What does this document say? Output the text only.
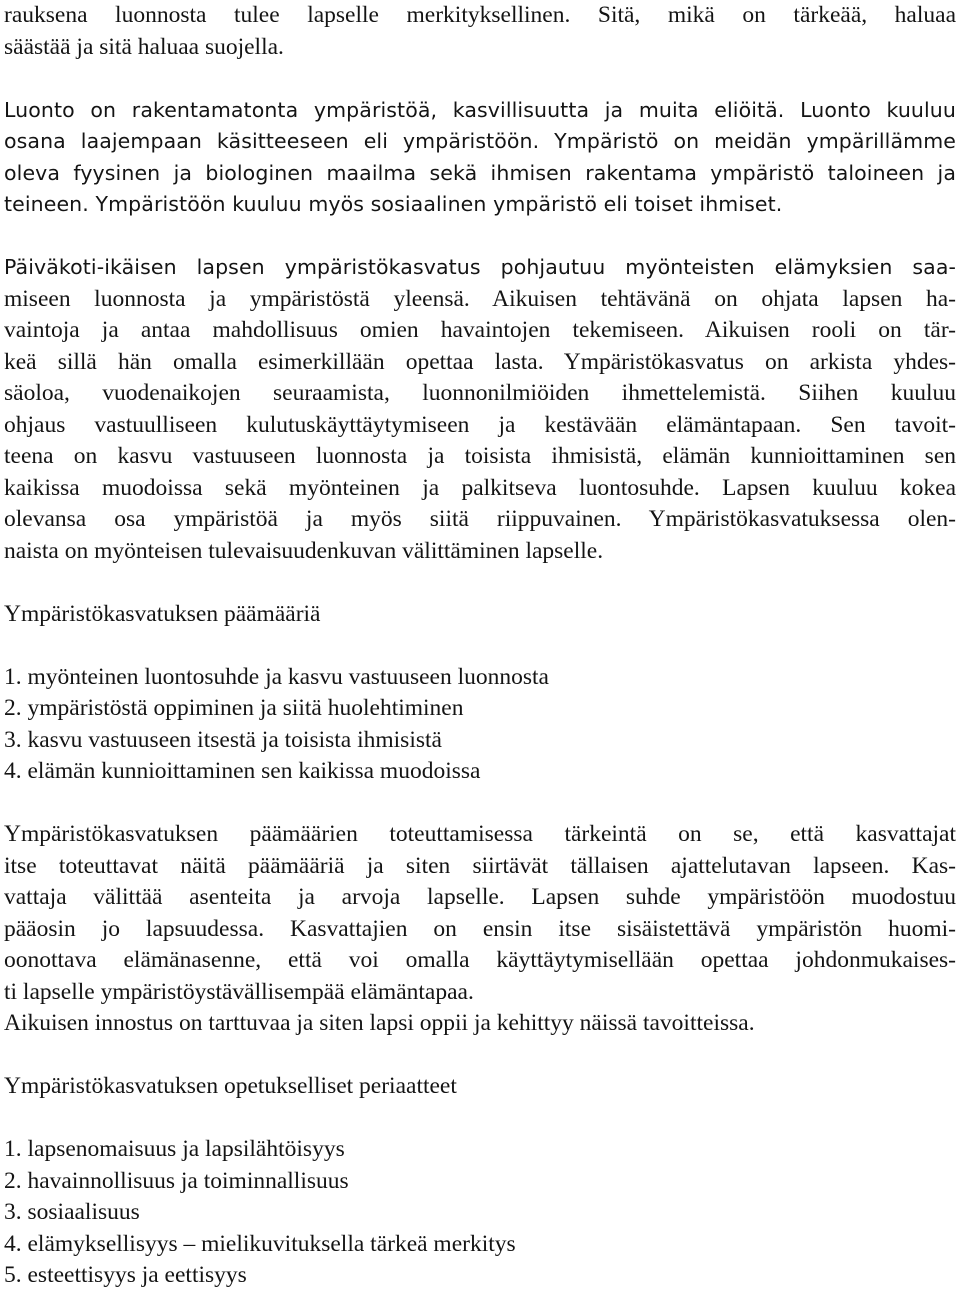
rauksena luonnosta tulee lapselle merkityksellinen. Sitä, mikä on tärkeää, haluaa
säästää ja sitä haluaa suojella.
Luonto on rakentamatonta ympäristöä, kasvillisuutta ja muita eliöitä. Luonto kuuluu
osana laajempaan käsitteeseen eli ympäristöön. Ympäristö on meidän ympärillämme
oleva fyysinen ja biologinen maailma sekä ihmisen rakentama ympäristö taloineen ja
teineen. Ympäristöön kuuluu myös sosiaalinen ympäristö eli toiset ihmiset.
Päiväkoti-ikäisen lapsen ympäristökasvatus pohjautuu myönteisten elämyksien saa-
miseen luonnosta ja ympäristöstä yleensä. Aikuisen tehtävänä on ohjata lapsen ha-
vaintoja ja antaa mahdollisuus omien havaintojen tekemiseen. Aikuisen rooli on tär-
keä sillä hän omalla esimerkillään opettaa lasta. Ympäristökasvatus on arkista yhdes-
säoloa, vuodenaikojen seuraamista, luonnonilmiöiden ihmettelemistä. Siihen kuuluu
ohjaus vastuulliseen kulutuskäyttäytymiseen ja kestävään elämäntapaan. Sen tavoit-
teena on kasvu vastuuseen luonnosta ja toisista ihmisistä, elämän kunnioittaminen sen
kaikissa muodoissa sekä myönteinen ja palkitseva luontosuhde. Lapsen kuuluu kokea
olevansa osa ympäristöä ja myös siitä riippuvainen. Ympäristökasvatuksessa olen-
naista on myönteisen tulevaisuudenkuvan välittäminen lapselle.

Ympäristökasvatuksen päämääriä

1. myönteinen luontosuhde ja kasvu vastuuseen luonnosta
2. ympäristöstä oppiminen ja siitä huolehtiminen
3. kasvu vastuuseen itsestä ja toisista ihmisistä
4. elämän kunnioittaminen sen kaikissa muodoissa
Ympäristökasvatuksen päämäärien toteuttamisessa tärkeintä on se, että kasvattajat
itse toteuttavat näitä päämääriä ja siten siirtävät tällaisen ajattelutavan lapseen. Kas-
vattaja välittää asenteita ja arvoja lapselle. Lapsen suhde ympäristöön muodostuu
pääosin jo lapsuudessa. Kasvattajien on ensin itse sisäistettävä ympäristön huomi-
oonottava elämänasenne, että voi omalla käyttäytymisellään opettaa johdonmukaises-
ti lapselle ympäristöystävällisempää elämäntapaa.

Aikuisen innostus on tarttuvaa ja siten lapsi oppii ja kehittyy näissä tavoitteissa.

Ympäristökasvatuksen opetukselliset periaatteet

1. lapsenomaisuus ja lapsilähtöisyys
2. havainnollisuus ja toiminnallisuus
3. sosiaalisuus
4. elämyksellisyys – mielikuvituksella tärkeä merkitys
5. esteettisyys ja eettisyys
